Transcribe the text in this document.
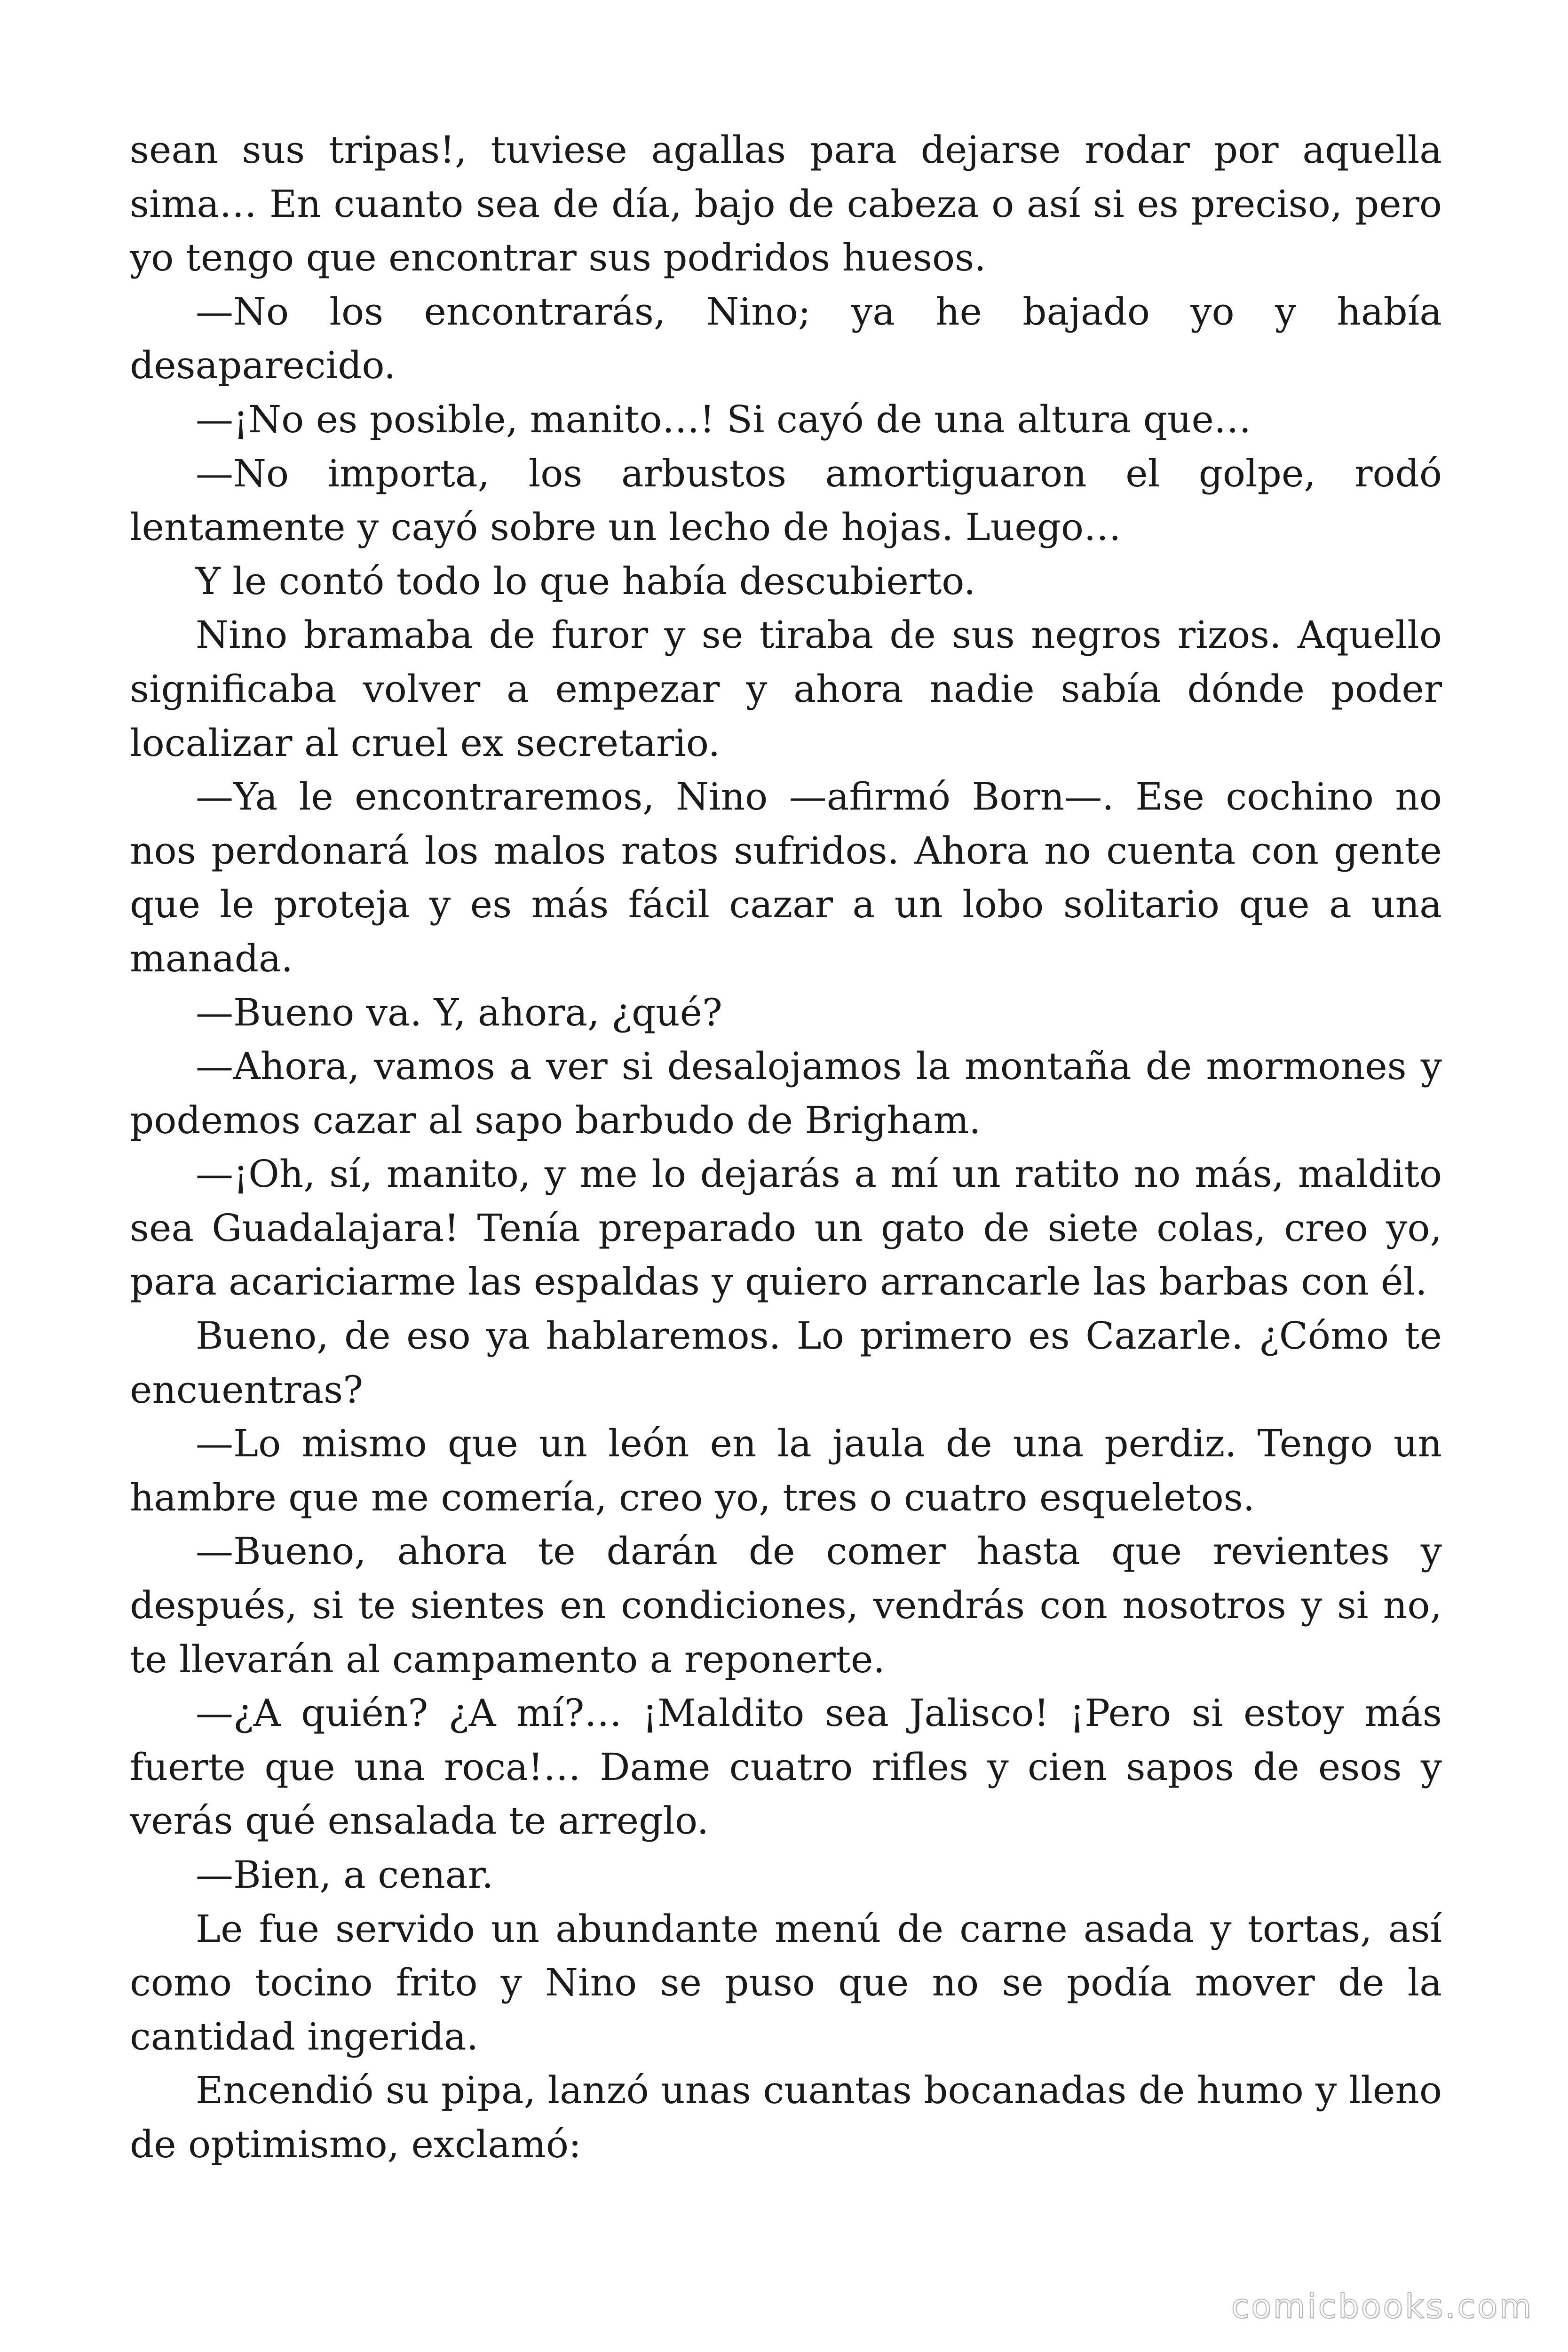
sean sus tripas!, tuviese agallas para dejarse rodar por aquella sima… En cuanto sea de día, bajo de cabeza o así si es preciso, pero yo tengo que encontrar sus podridos huesos.

—No los encontrarás, Nino; ya he bajado yo y había desaparecido.

—¡No es posible, manito…! Si cayó de una altura que…

—No importa, los arbustos amortiguaron el golpe, rodó lentamente y cayó sobre un lecho de hojas. Luego…

Y le contó todo lo que había descubierto.

Nino bramaba de furor y se tiraba de sus negros rizos. Aquello significaba volver a empezar y ahora nadie sabía dónde poder localizar al cruel ex secretario.

—Ya le encontraremos, Nino —afirmó Born—. Ese cochino no nos perdonará los malos ratos sufridos. Ahora no cuenta con gente que le proteja y es más fácil cazar a un lobo solitario que a una manada.

—Bueno va. Y, ahora, ¿qué?

—Ahora, vamos a ver si desalojamos la montaña de mormones y podemos cazar al sapo barbudo de Brigham.

—¡Oh, sí, manito, y me lo dejarás a mí un ratito no más, maldito sea Guadalajara! Tenía preparado un gato de siete colas, creo yo, para acariciarme las espaldas y quiero arrancarle las barbas con él.

Bueno, de eso ya hablaremos. Lo primero es Cazarle. ¿Cómo te encuentras?

—Lo mismo que un león en la jaula de una perdiz. Tengo un hambre que me comería, creo yo, tres o cuatro esqueletos.

—Bueno, ahora te darán de comer hasta que revientes y después, si te sientes en condiciones, vendrás con nosotros y si no, te llevarán al campamento a reponerte.

—¿A quién? ¿A mí?… ¡Maldito sea Jalisco! ¡Pero si estoy más fuerte que una roca!… Dame cuatro rifles y cien sapos de esos y verás qué ensalada te arreglo.

—Bien, a cenar.

Le fue servido un abundante menú de carne asada y tortas, así como tocino frito y Nino se puso que no se podía mover de la cantidad ingerida.

Encendió su pipa, lanzó unas cuantas bocanadas de humo y lleno de optimismo, exclamó:

comicbooks.com
